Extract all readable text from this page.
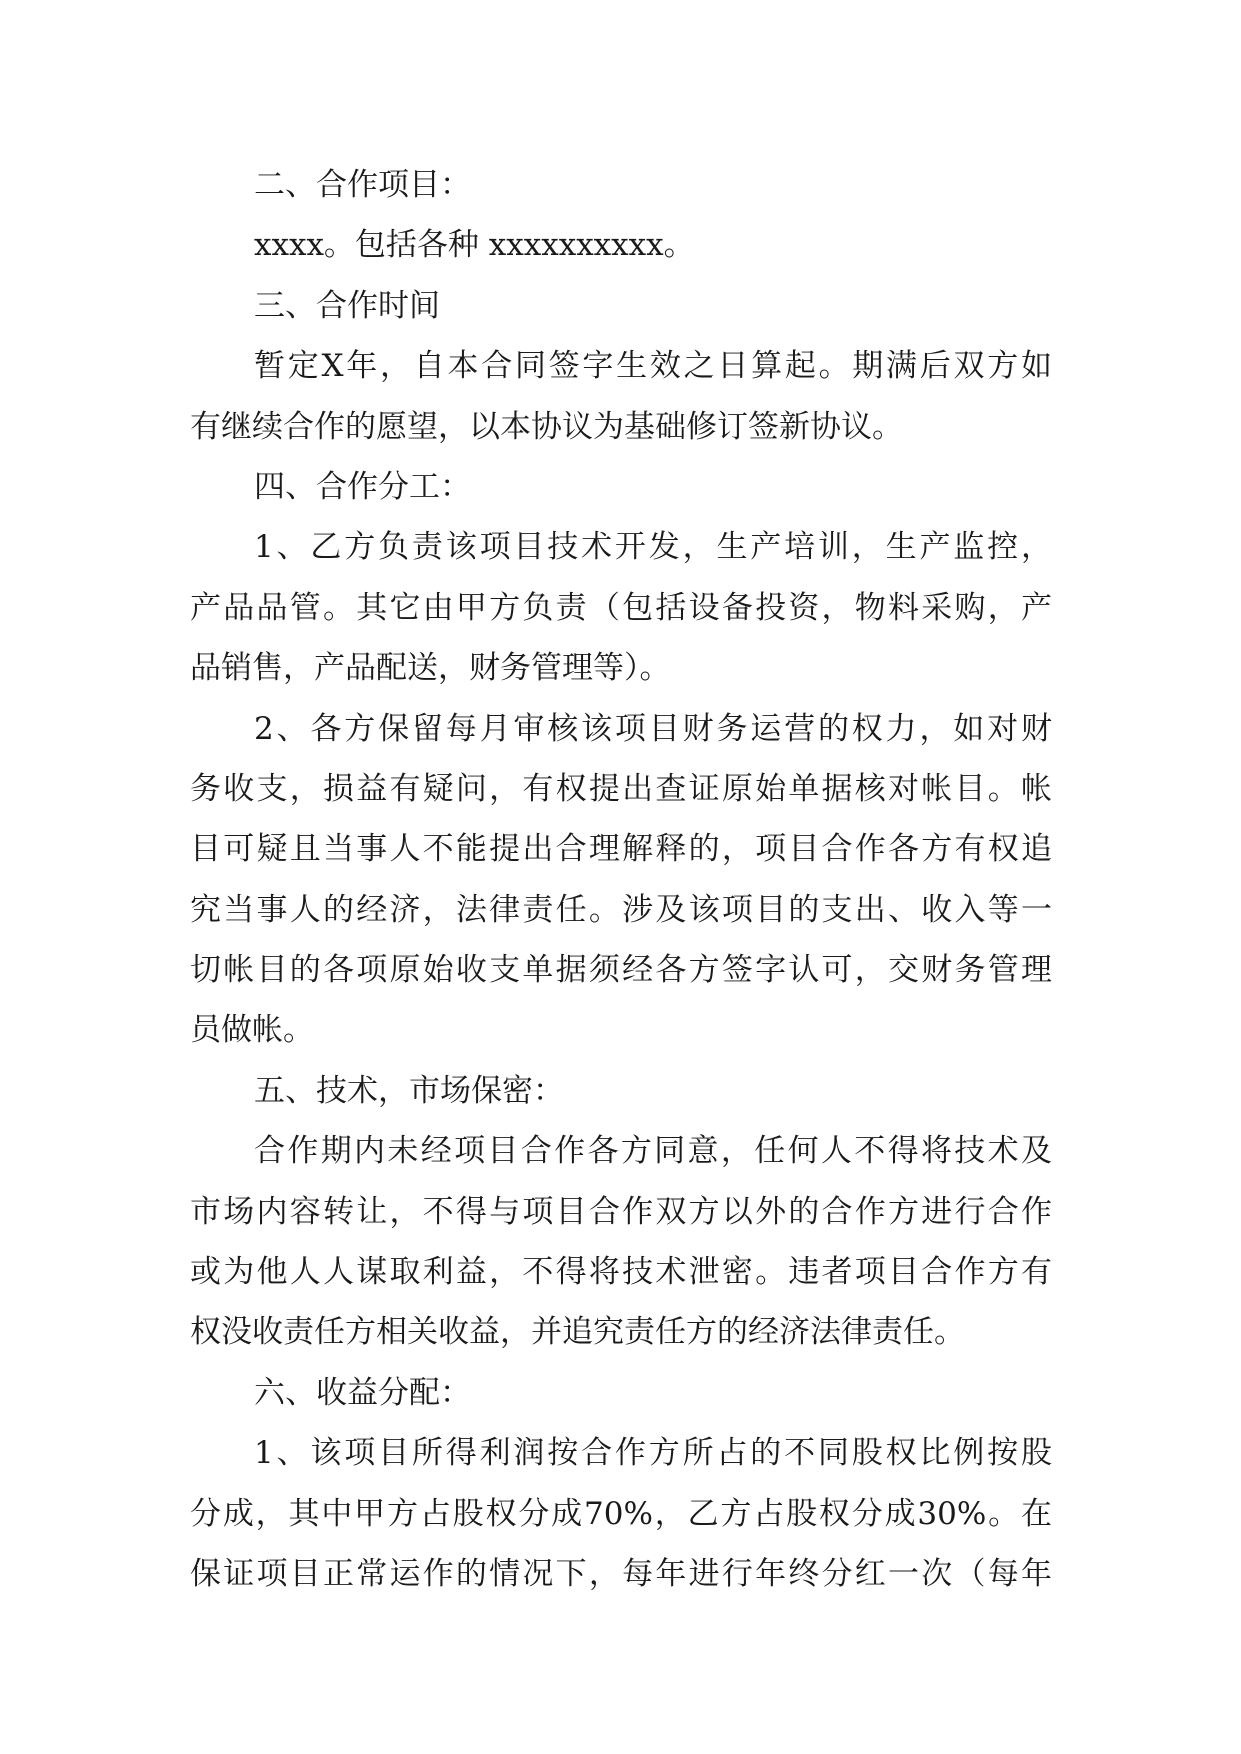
二、合作项目：
xxxx。包括各种 xxxxxxxxxx。
三、合作时间
暂定X年，自本合同签字生效之日算起。期满后双方如
有继续合作的愿望，以本协议为基础修订签新协议。
四、合作分工：
1、乙方负责该项目技术开发，生产培训，生产监控，
产品品管。其它由甲方负责（包括设备投资，物料采购，产
品销售，产品配送，财务管理等）。
2、各方保留每月审核该项目财务运营的权力，如对财
务收支，损益有疑问，有权提出查证原始单据核对帐目。帐
目可疑且当事人不能提出合理解释的，项目合作各方有权追
究当事人的经济，法律责任。涉及该项目的支出、收入等一
切帐目的各项原始收支单据须经各方签字认可，交财务管理
员做帐。
五、技术，市场保密：
合作期内未经项目合作各方同意，任何人不得将技术及
市场内容转让，不得与项目合作双方以外的合作方进行合作
或为他人人谋取利益，不得将技术泄密。违者项目合作方有
权没收责任方相关收益，并追究责任方的经济法律责任。
六、收益分配：
1、该项目所得利润按合作方所占的不同股权比例按股
分成，其中甲方占股权分成70%，乙方占股权分成30%。在
保证项目正常运作的情况下，每年进行年终分红一次（每年
